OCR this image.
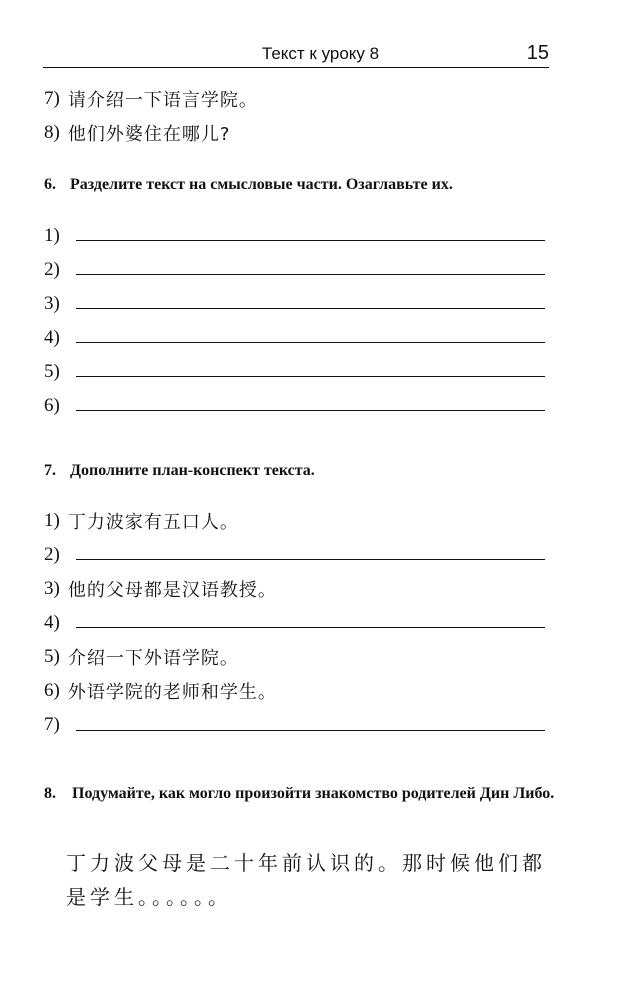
Текст к уроку 8	15
7) 请介绍一下语言学院。
8) 他们外婆住在哪儿?
6. Разделите текст на смысловые части. Озаглавьте их.
1)
2)
3)
4)
5)
6)
7. Дополните план-конспект текста.
1) 丁力波家有五口人。
2)
3) 他的父母都是汉语教授。
4)
5) 介绍一下外语学院。
6) 外语学院的老师和学生。
7)
8.	Подумайте, как могло произойти знакомство родителей Дин Либо.
丁力波父母是二十年前认识的。那时候他们都是学生。。。。。。
